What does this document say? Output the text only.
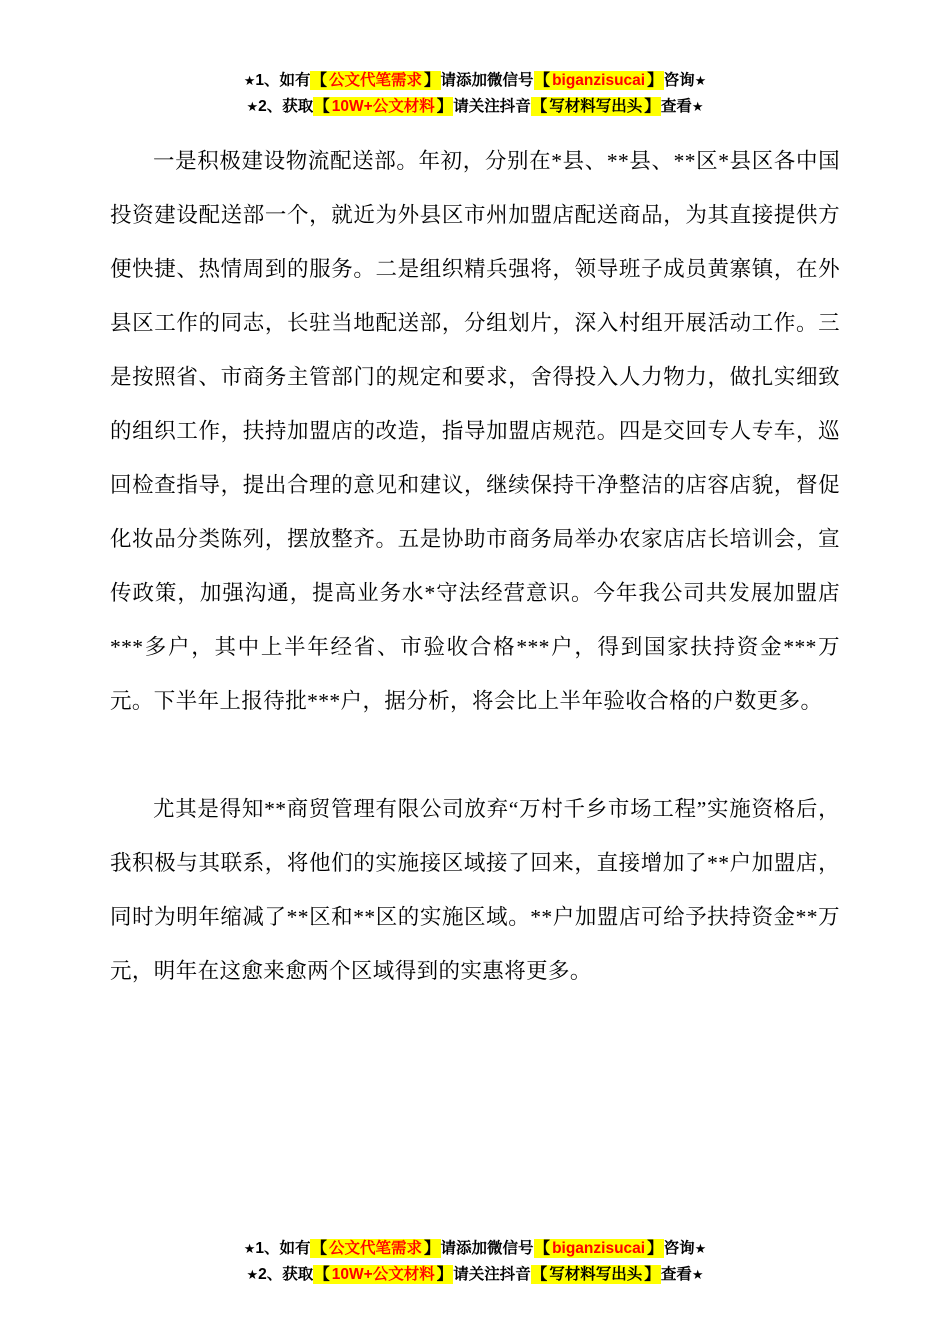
★1、如有【 公文代笔需求 】请添加微信号【 biganzisucai 】咨询★
★2、获取【 10W+公文材料 】请关注抖音【 写材料写出头 】查看★

一是积极建设物流配送部。年初，分别在*县、**县、**区*县区各中国投资建设配送部一个，就近为外县区市州加盟店配送商品，为其直接提供方便快捷、热情周到的服务。二是组织精兵强将，领导班子成员黄寨镇，在外县区工作的同志，长驻当地配送部，分组划片，深入村组开展活动工作。三是按照省、市商务主管部门的规定和要求，舍得投入人力物力，做扎实细致的组织工作，扶持加盟店的改造，指导加盟店规范。四是交回专人专车，巡回检查指导，提出合理的意见和建议，继续保持干净整洁的店容店貌，督促化妆品分类陈列，摆放整齐。五是协助市商务局举办农家店店长培训会，宣传政策，加强沟通，提高业务水*守法经营意识。今年我公司共发展加盟店***多户，其中上半年经省、市验收合格***户，得到国家扶持资金***万元。下半年上报待批***户，据分析，将会比上半年验收合格的户数更多。

尤其是得知**商贸管理有限公司放弃“万村千乡市场工程”实施资格后，我积极与其联系，将他们的实施接区域接了回来，直接增加了**户加盟店，同时为明年缩减了**区和**区的实施区域。**户加盟店可给予扶持资金**万元，明年在这愈来愈两个区域得到的实惠将更多。

★1、如有【 公文代笔需求 】请添加微信号【 biganzisucai 】咨询★
★2、获取【 10W+公文材料 】请关注抖音【 写材料写出头 】查看★
